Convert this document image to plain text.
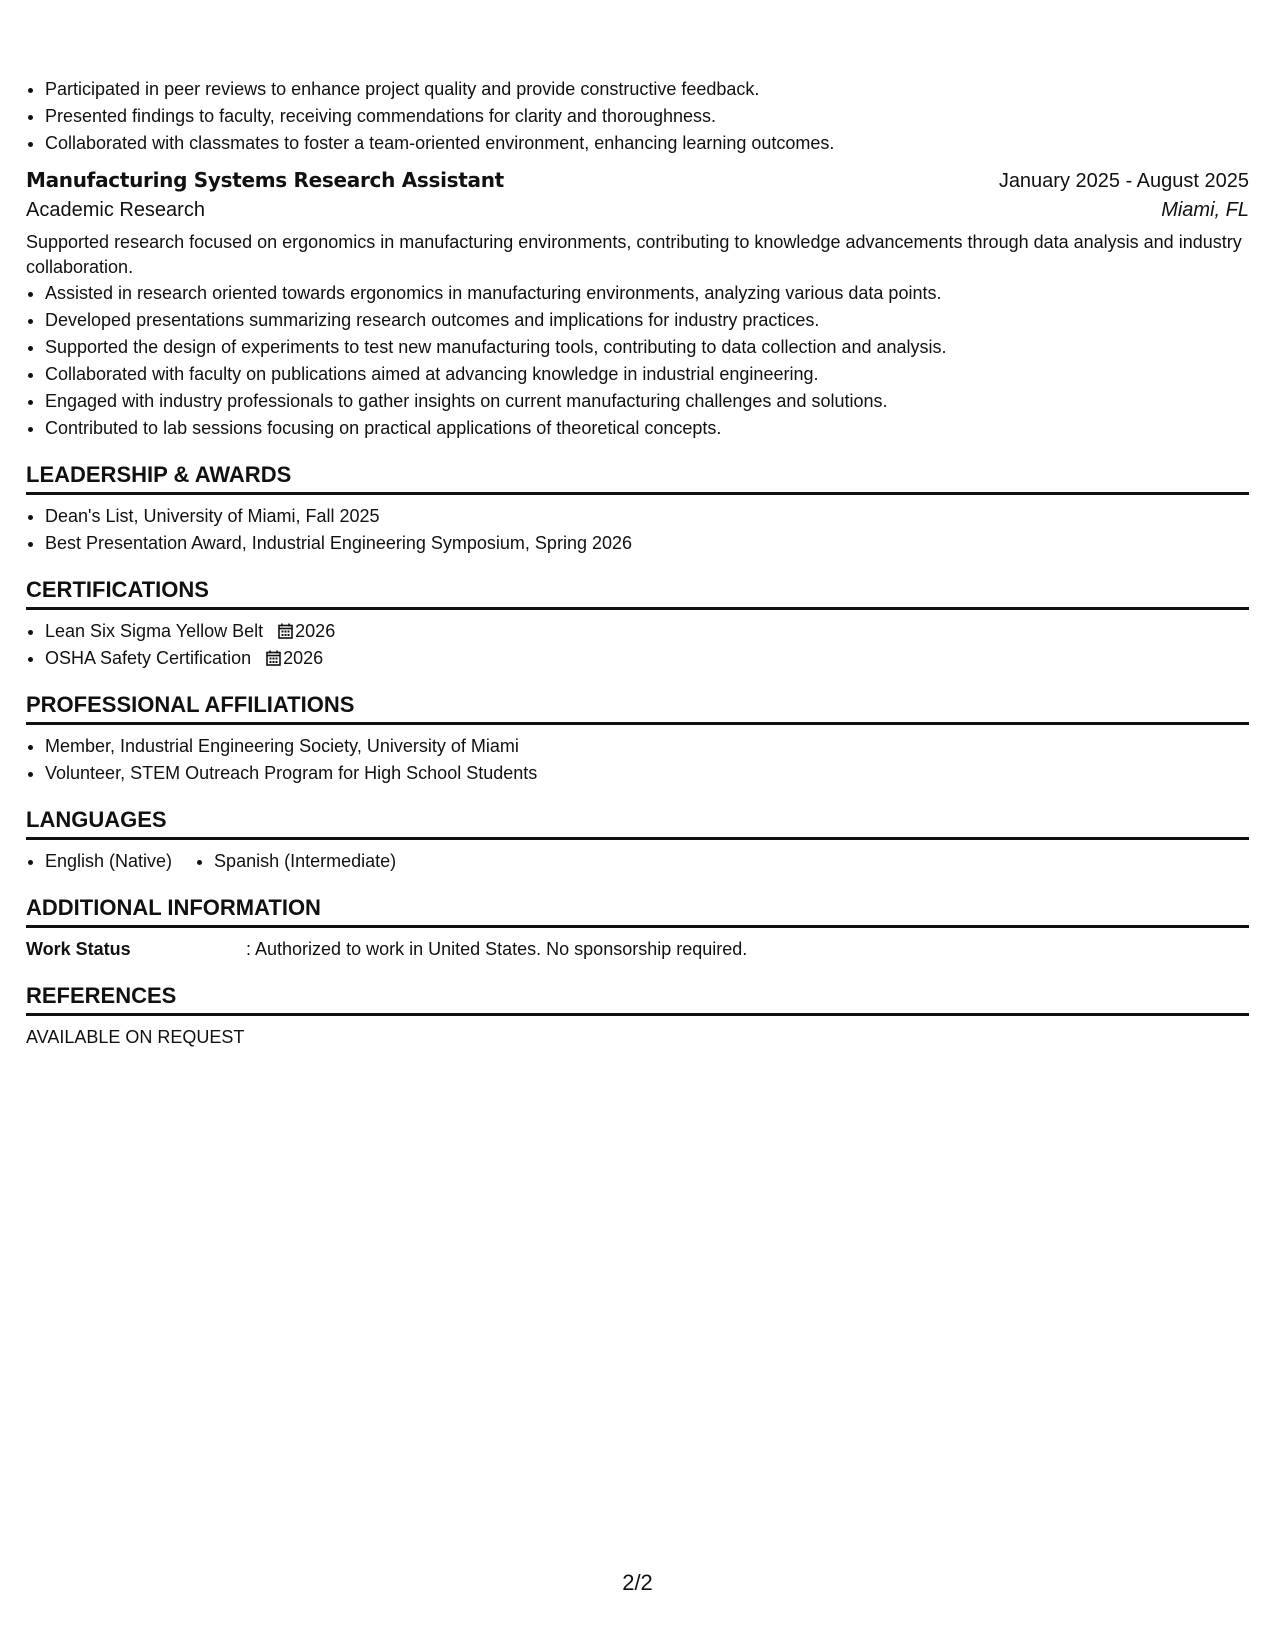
• Participated in peer reviews to enhance project quality and provide constructive feedback.
• Presented findings to faculty, receiving commendations for clarity and thoroughness.
• Collaborated with classmates to foster a team-oriented environment, enhancing learning outcomes.
Manufacturing Systems Research Assistant	January 2025 - August 2025
Academic Research	Miami, FL
Supported research focused on ergonomics in manufacturing environments, contributing to knowledge advancements through data analysis and industry collaboration.
• Assisted in research oriented towards ergonomics in manufacturing environments, analyzing various data points.
• Developed presentations summarizing research outcomes and implications for industry practices.
• Supported the design of experiments to test new manufacturing tools, contributing to data collection and analysis.
• Collaborated with faculty on publications aimed at advancing knowledge in industrial engineering.
• Engaged with industry professionals to gather insights on current manufacturing challenges and solutions.
• Contributed to lab sessions focusing on practical applications of theoretical concepts.
LEADERSHIP & AWARDS
• Dean's List, University of Miami, Fall 2025
• Best Presentation Award, Industrial Engineering Symposium, Spring 2026
CERTIFICATIONS
• Lean Six Sigma Yellow Belt 2026
• OSHA Safety Certification 2026
PROFESSIONAL AFFILIATIONS
• Member, Industrial Engineering Society, University of Miami
• Volunteer, STEM Outreach Program for High School Students
LANGUAGES
• English (Native)
• Spanish (Intermediate)
ADDITIONAL INFORMATION
Work Status	: Authorized to work in United States. No sponsorship required.
REFERENCES
AVAILABLE ON REQUEST
2/2
